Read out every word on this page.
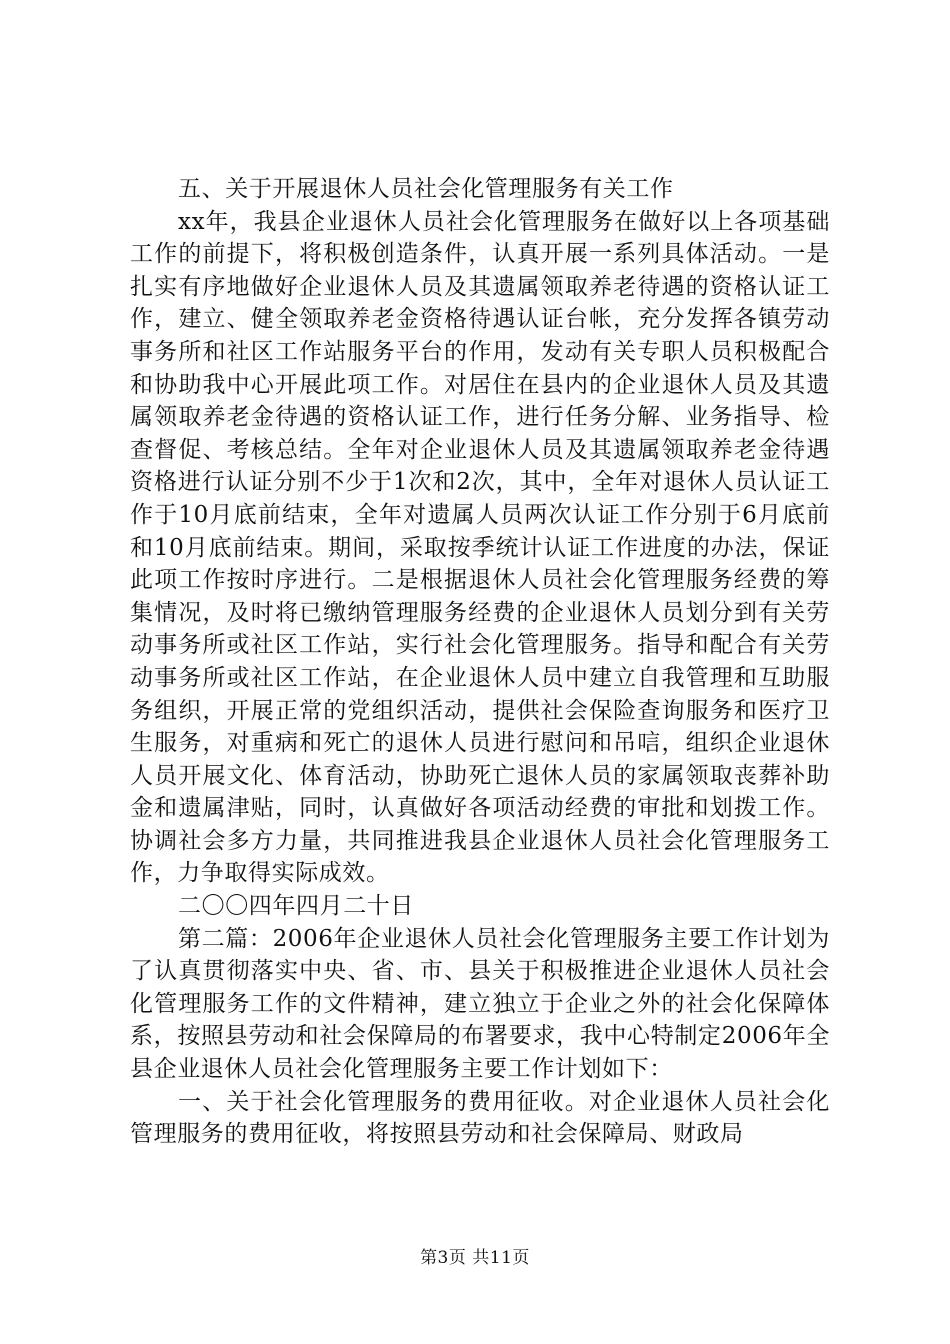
五、关于开展退休人员社会化管理服务有关工作

xx年，我县企业退休人员社会化管理服务在做好以上各项基础工作的前提下，将积极创造条件，认真开展一系列具体活动。一是扎实有序地做好企业退休人员及其遗属领取养老待遇的资格认证工作，建立、健全领取养老金资格待遇认证台帐，充分发挥各镇劳动事务所和社区工作站服务平台的作用，发动有关专职人员积极配合和协助我中心开展此项工作。对居住在县内的企业退休人员及其遗属领取养老金待遇的资格认证工作，进行任务分解、业务指导、检查督促、考核总结。全年对企业退休人员及其遗属领取养老金待遇资格进行认证分别不少于1次和2次，其中，全年对退休人员认证工作于10月底前结束，全年对遗属人员两次认证工作分别于6月底前和10月底前结束。期间，采取按季统计认证工作进度的办法，保证此项工作按时序进行。二是根据退休人员社会化管理服务经费的筹集情况，及时将已缴纳管理服务经费的企业退休人员划分到有关劳动事务所或社区工作站，实行社会化管理服务。指导和配合有关劳动事务所或社区工作站，在企业退休人员中建立自我管理和互助服务组织，开展正常的党组织活动，提供社会保险查询服务和医疗卫生服务，对重病和死亡的退休人员进行慰问和吊唁，组织企业退休人员开展文化、体育活动，协助死亡退休人员的家属领取丧葬补助金和遗属津贴，同时，认真做好各项活动经费的审批和划拨工作。协调社会多方力量，共同推进我县企业退休人员社会化管理服务工作，力争取得实际成效。

二〇〇四年四月二十日

第二篇：2006年企业退休人员社会化管理服务主要工作计划为了认真贯彻落实中央、省、市、县关于积极推进企业退休人员社会化管理服务工作的文件精神，建立独立于企业之外的社会化保障体系，按照县劳动和社会保障局的布署要求，我中心特制定2006年全县企业退休人员社会化管理服务主要工作计划如下：

一、关于社会化管理服务的费用征收。对企业退休人员社会化管理服务的费用征收，将按照县劳动和社会保障局、财政局

第3页 共11页
